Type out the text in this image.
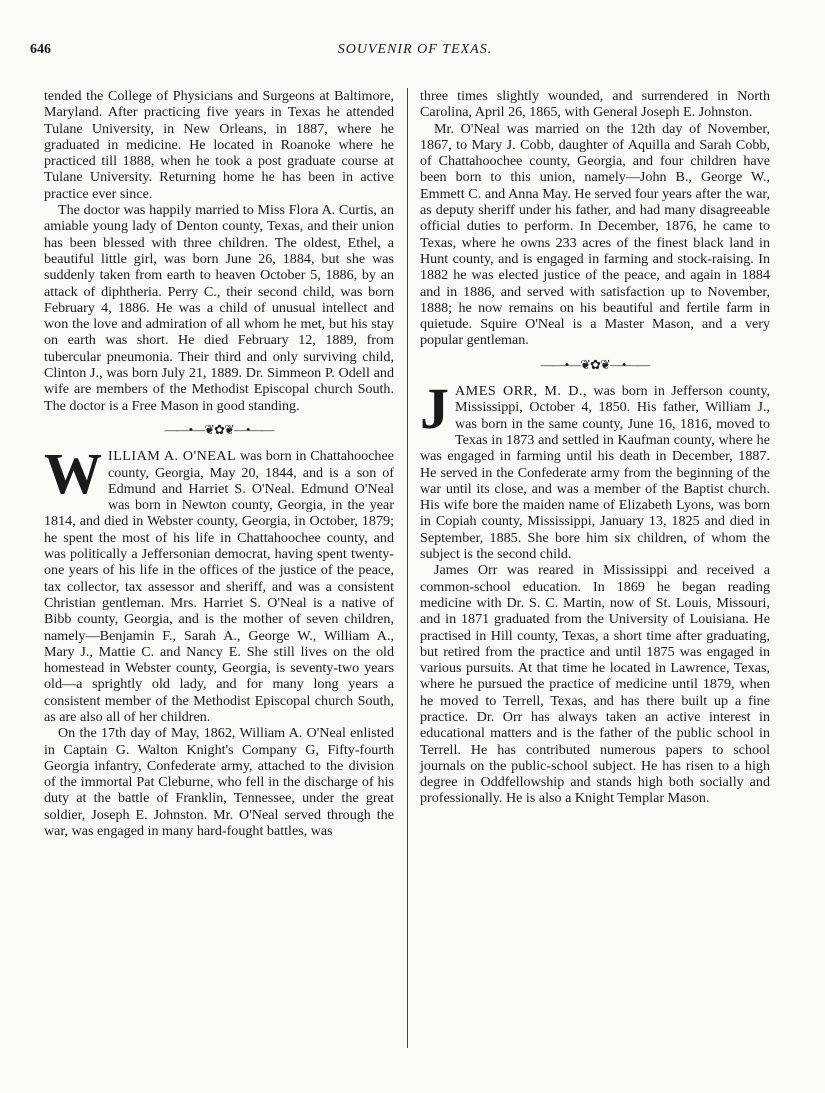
646	SOUVENIR OF TEXAS.

tended the College of Physicians and Surgeons at Baltimore, Maryland. After practicing five years in Texas he attended Tulane University, in New Orleans, in 1887, where he graduated in medicine. He located in Roanoke where he practiced till 1888, when he took a post graduate course at Tulane University. Returning home he has been in active practice ever since.

The doctor was happily married to Miss Flora A. Curtis, an amiable young lady of Denton county, Texas, and their union has been blessed with three children. The oldest, Ethel, a beautiful little girl, was born June 26, 1884, but she was suddenly taken from earth to heaven October 5, 1886, by an attack of diphtheria. Perry C., their second child, was born February 4, 1886. He was a child of unusual intellect and won the love and admiration of all whom he met, but his stay on earth was short. He died February 12, 1889, from tubercular pneumonia. Their third and only surviving child, Clinton J., was born July 21, 1889. Dr. Simmeon P. Odell and wife are members of the Methodist Episcopal church South. The doctor is a Free Mason in good standing.

——•—❦✿❦—•——

WILLIAM A. O'NEAL was born in Chattahoochee county, Georgia, May 20, 1844, and is a son of Edmund and Harriet S. O'Neal. Edmund O'Neal was born in Newton county, Georgia, in the year 1814, and died in Webster county, Georgia, in October, 1879; he spent the most of his life in Chattahoochee county, and was politically a Jeffersonian democrat, having spent twenty-one years of his life in the offices of the justice of the peace, tax collector, tax assessor and sheriff, and was a consistent Christian gentleman. Mrs. Harriet S. O'Neal is a native of Bibb county, Georgia, and is the mother of seven children, namely—Benjamin F., Sarah A., George W., William A., Mary J., Mattie C. and Nancy E. She still lives on the old homestead in Webster county, Georgia, is seventy-two years old—a sprightly old lady, and for many long years a consistent member of the Methodist Episcopal church South, as are also all of her children.

On the 17th day of May, 1862, William A. O'Neal enlisted in Captain G. Walton Knight's Company G, Fifty-fourth Georgia infantry, Confederate army, attached to the division of the immortal Pat Cleburne, who fell in the discharge of his duty at the battle of Franklin, Tennessee, under the great soldier, Joseph E. Johnston. Mr. O'Neal served through the war, was engaged in many hard-fought battles, was

three times slightly wounded, and surrendered in North Carolina, April 26, 1865, with General Joseph E. Johnston.

Mr. O'Neal was married on the 12th day of November, 1867, to Mary J. Cobb, daughter of Aquilla and Sarah Cobb, of Chattahoochee county, Georgia, and four children have been born to this union, namely—John B., George W., Emmett C. and Anna May. He served four years after the war, as deputy sheriff under his father, and had many disagreeable official duties to perform. In December, 1876, he came to Texas, where he owns 233 acres of the finest black land in Hunt county, and is engaged in farming and stock-raising. In 1882 he was elected justice of the peace, and again in 1884 and in 1886, and served with satisfaction up to November, 1888; he now remains on his beautiful and fertile farm in quietude. Squire O'Neal is a Master Mason, and a very popular gentleman.

——•—❦✿❦—•——

JAMES ORR, M. D., was born in Jefferson county, Mississippi, October 4, 1850. His father, William J., was born in the same county, June 16, 1816, moved to Texas in 1873 and settled in Kaufman county, where he was engaged in farming until his death in December, 1887. He served in the Confederate army from the beginning of the war until its close, and was a member of the Baptist church. His wife bore the maiden name of Elizabeth Lyons, was born in Copiah county, Mississippi, January 13, 1825 and died in September, 1885. She bore him six children, of whom the subject is the second child.

James Orr was reared in Mississippi and received a common-school education. In 1869 he began reading medicine with Dr. S. C. Martin, now of St. Louis, Missouri, and in 1871 graduated from the University of Louisiana. He practised in Hill county, Texas, a short time after graduating, but retired from the practice and until 1875 was engaged in various pursuits. At that time he located in Lawrence, Texas, where he pursued the practice of medicine until 1879, when he moved to Terrell, Texas, and has there built up a fine practice. Dr. Orr has always taken an active interest in educational matters and is the father of the public school in Terrell. He has contributed numerous papers to school journals on the public-school subject. He has risen to a high degree in Oddfellowship and stands high both socially and professionally. He is also a Knight Templar Mason.
